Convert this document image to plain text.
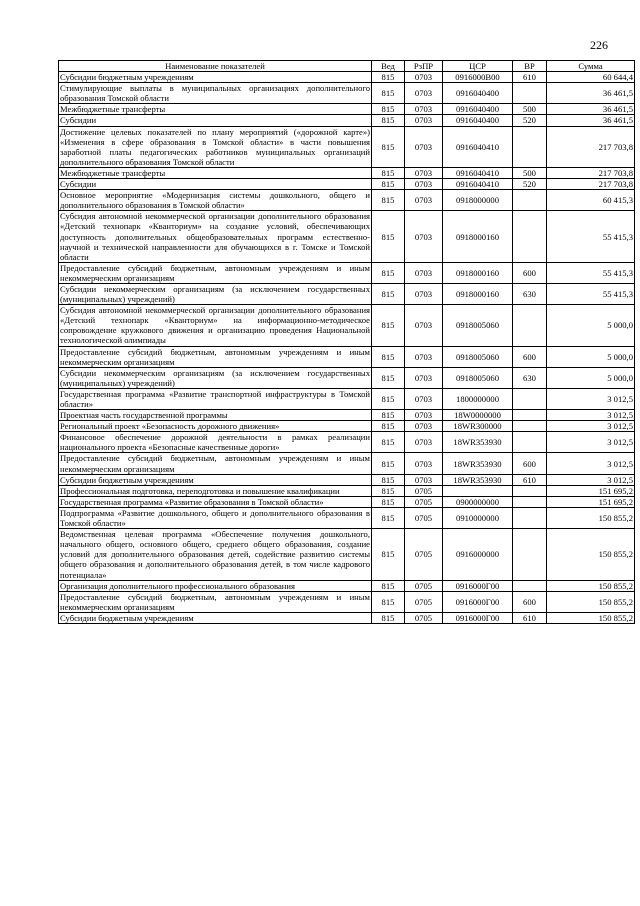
226
Наименование показателей	Вед	РзПР	ЦСР	ВР	Сумма
Субсидии бюджетным учреждениям	815	0703	0916000В00	610	60 644,4
Стимулирующие выплаты в муниципальных организациях дополнительного образования Томской области	815	0703	0916040400		36 461,5
Межбюджетные трансферты	815	0703	0916040400	500	36 461,5
Субсидии	815	0703	0916040400	520	36 461,5
Достижение целевых показателей по плану мероприятий («дорожной карте») «Изменения в сфере образования в Томской области» в части повышения заработной платы педагогических работников муниципальных организаций дополнительного образования Томской области	815	0703	0916040410		217 703,8
Межбюджетные трансферты	815	0703	0916040410	500	217 703,8
Субсидии	815	0703	0916040410	520	217 703,8
Основное мероприятие «Модернизация системы дошкольного, общего и дополнительного образования в Томской области»	815	0703	0918000000		60 415,3
Субсидия автономной некоммерческой организации дополнительного образования «Детский технопарк «Кванториум» на создание условий, обеспечивающих доступность дополнительных общеобразовательных программ естественно-научной и технической направленности для обучающихся в г. Томске и Томской области	815	0703	0918000160		55 415,3
Предоставление субсидий бюджетным, автономным учреждениям и иным некоммерческим организациям	815	0703	0918000160	600	55 415,3
Субсидии некоммерческим организациям (за исключением государственных (муниципальных) учреждений)	815	0703	0918000160	630	55 415,3
Субсидия автономной некоммерческой организации дополнительного образования «Детский технопарк «Кванториум» на информационно-методическое сопровождение кружкового движения и организацию проведения Национальной технологической олимпиады	815	0703	0918005060		5 000,0
Предоставление субсидий бюджетным, автономным учреждениям и иным некоммерческим организациям	815	0703	0918005060	600	5 000,0
Субсидии некоммерческим организациям (за исключением государственных (муниципальных) учреждений)	815	0703	0918005060	630	5 000,0
Государственная программа «Развитие транспортной инфраструктуры в Томской области»	815	0703	1800000000		3 012,5
Проектная часть государственной программы	815	0703	18W0000000		3 012,5
Региональный проект «Безопасность дорожного движения»	815	0703	18WR300000		3 012,5
Финансовое обеспечение дорожной деятельности в рамках реализации национального проекта «Безопасные качественные дороги»	815	0703	18WR353930		3 012,5
Предоставление субсидий бюджетным, автономным учреждениям и иным некоммерческим организациям	815	0703	18WR353930	600	3 012,5
Субсидии бюджетным учреждениям	815	0703	18WR353930	610	3 012,5
Профессиональная подготовка, переподготовка и повышение квалификации	815	0705			151 695,2
Государственная программа «Развитие образования в Томской области»	815	0705	0900000000		151 695,2
Подпрограмма «Развитие дошкольного, общего и дополнительного образования в Томской области»	815	0705	0910000000		150 855,2
Ведомственная целевая программа «Обеспечение получения дошкольного, начального общего, основного общего, среднего общего образования, создание условий для дополнительного образования детей, содействие развитию системы общего образования и дополнительного образования детей, в том числе кадрового потенциала»	815	0705	0916000000		150 855,2
Организация дополнительного профессионального образования	815	0705	0916000Г00		150 855,2
Предоставление субсидий бюджетным, автономным учреждениям и иным некоммерческим организациям	815	0705	0916000Г00	600	150 855,2
Субсидии бюджетным учреждениям	815	0705	0916000Г00	610	150 855,2
